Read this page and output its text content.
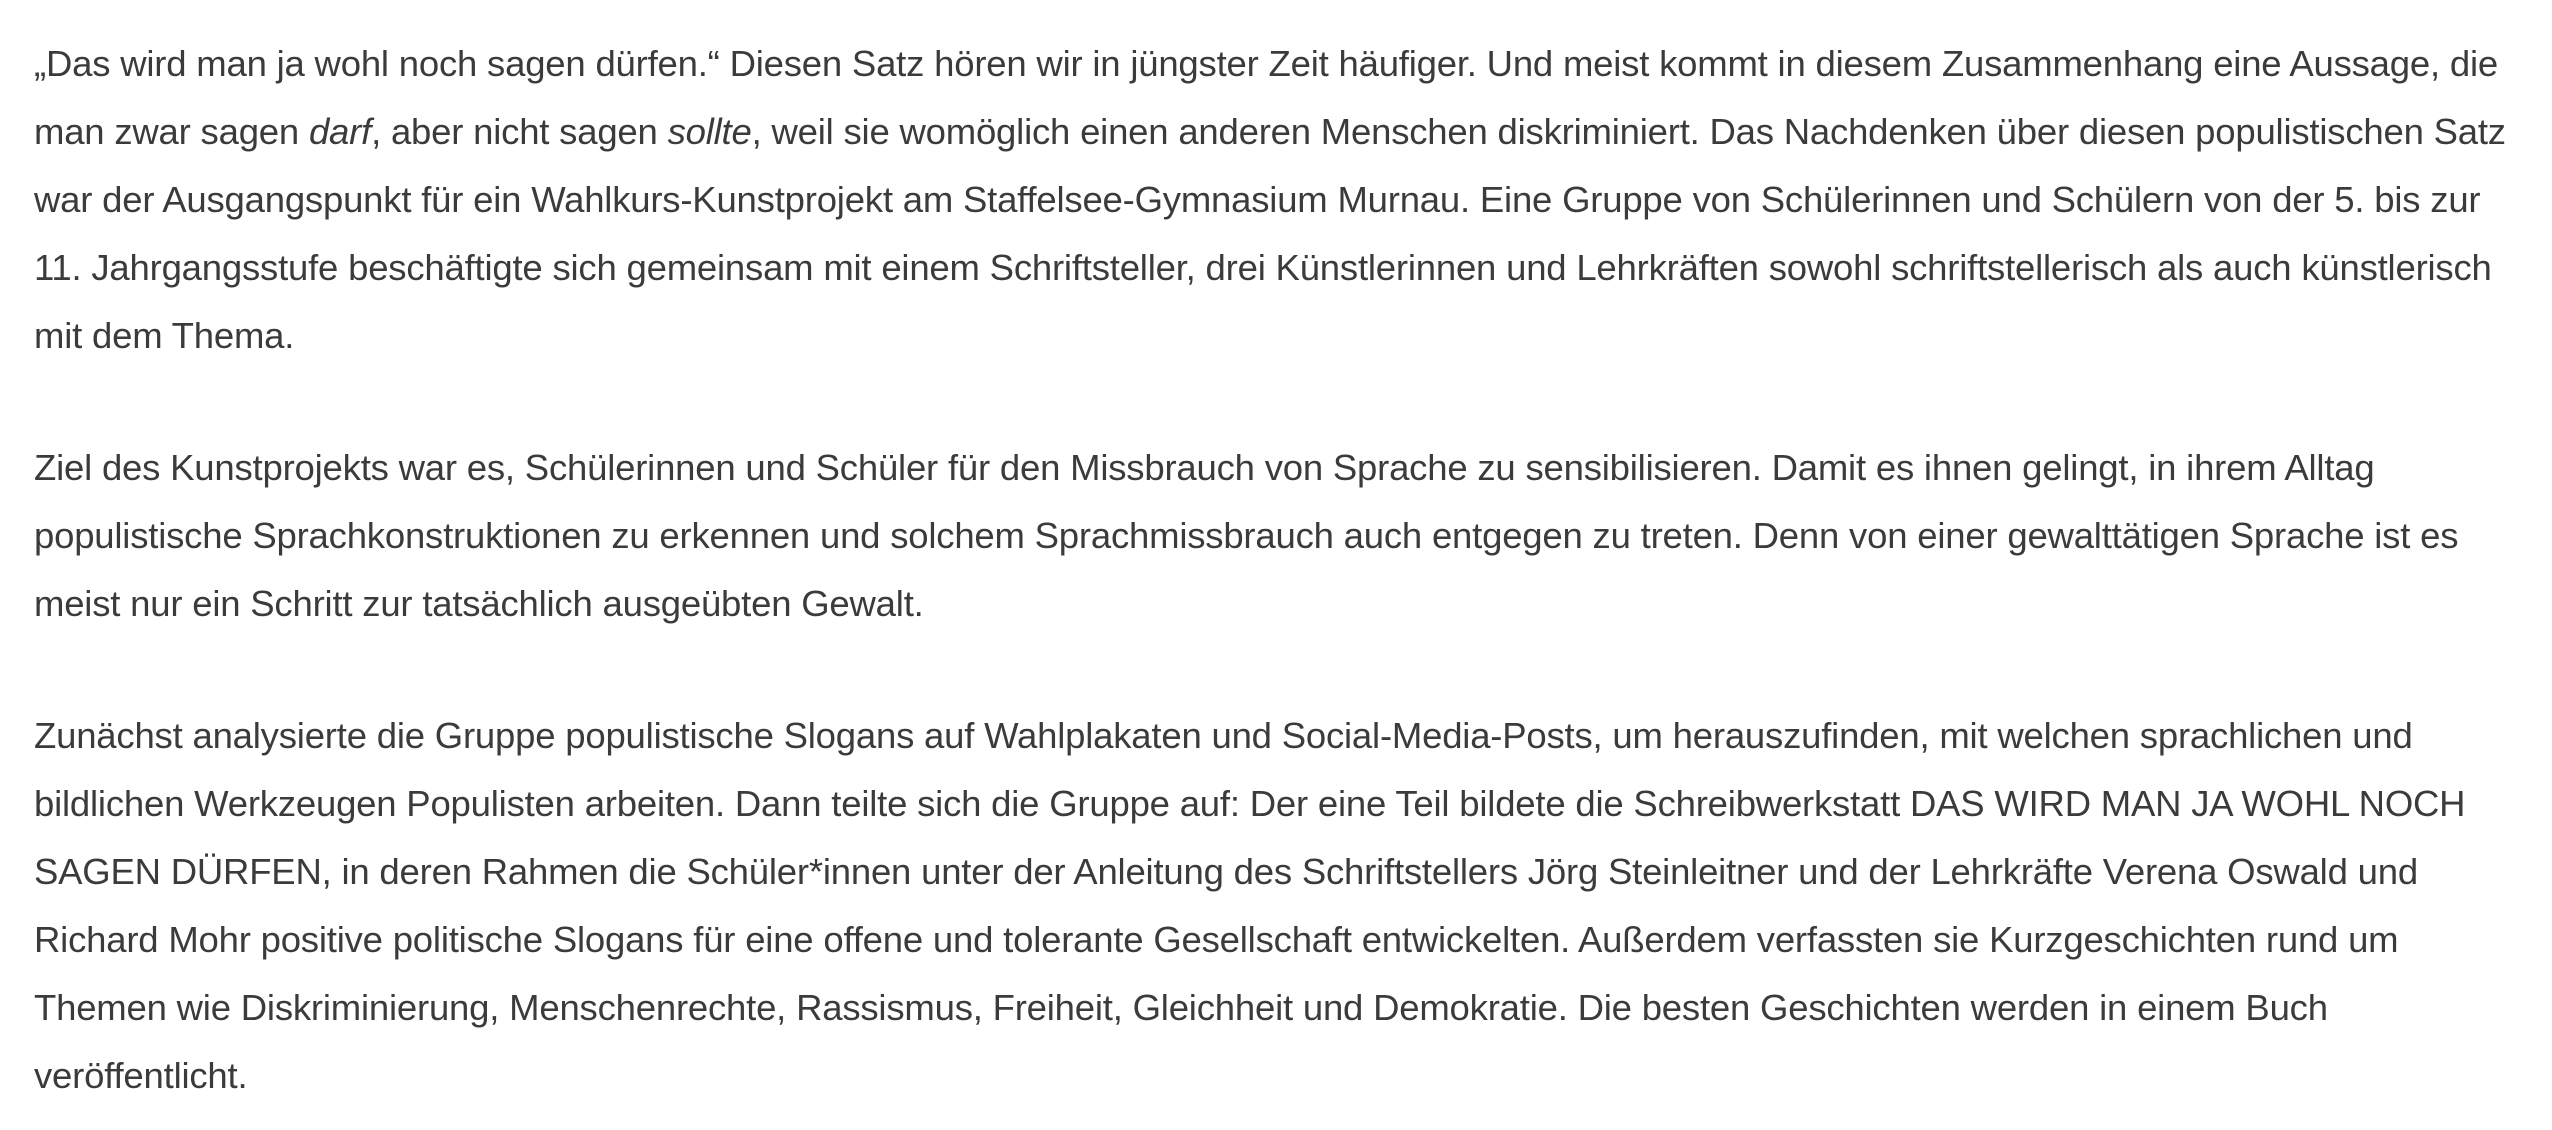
„Das wird man ja wohl noch sagen dürfen.“ Diesen Satz hören wir in jüngster Zeit häufiger. Und meist kommt in diesem Zusammenhang eine Aussage, die man zwar sagen darf, aber nicht sagen sollte, weil sie womöglich einen anderen Menschen diskriminiert. Das Nachdenken über diesen populistischen Satz war der Ausgangspunkt für ein Wahlkurs-Kunstprojekt am Staffelsee-Gymnasium Murnau. Eine Gruppe von Schülerinnen und Schülern von der 5. bis zur 11. Jahrgangsstufe beschäftigte sich gemeinsam mit einem Schriftsteller, drei Künstlerinnen und Lehrkräften sowohl schriftstellerisch als auch künstlerisch mit dem Thema.

Ziel des Kunstprojekts war es, Schülerinnen und Schüler für den Missbrauch von Sprache zu sensibilisieren. Damit es ihnen gelingt, in ihrem Alltag populistische Sprachkonstruktionen zu erkennen und solchem Sprachmissbrauch auch entgegen zu treten. Denn von einer gewalttätigen Sprache ist es meist nur ein Schritt zur tatsächlich ausgeübten Gewalt.

Zunächst analysierte die Gruppe populistische Slogans auf Wahlplakaten und Social-Media-Posts, um herauszufinden, mit welchen sprachlichen und bildlichen Werkzeugen Populisten arbeiten. Dann teilte sich die Gruppe auf: Der eine Teil bildete die Schreibwerkstatt DAS WIRD MAN JA WOHL NOCH SAGEN DÜRFEN, in deren Rahmen die Schüler*innen unter der Anleitung des Schriftstellers Jörg Steinleitner und der Lehrkräfte Verena Oswald und Richard Mohr positive politische Slogans für eine offene und tolerante Gesellschaft entwickelten. Außerdem verfassten sie Kurzgeschichten rund um Themen wie Diskriminierung, Menschenrechte, Rassismus, Freiheit, Gleichheit und Demokratie. Die besten Geschichten werden in einem Buch veröffentlicht.
